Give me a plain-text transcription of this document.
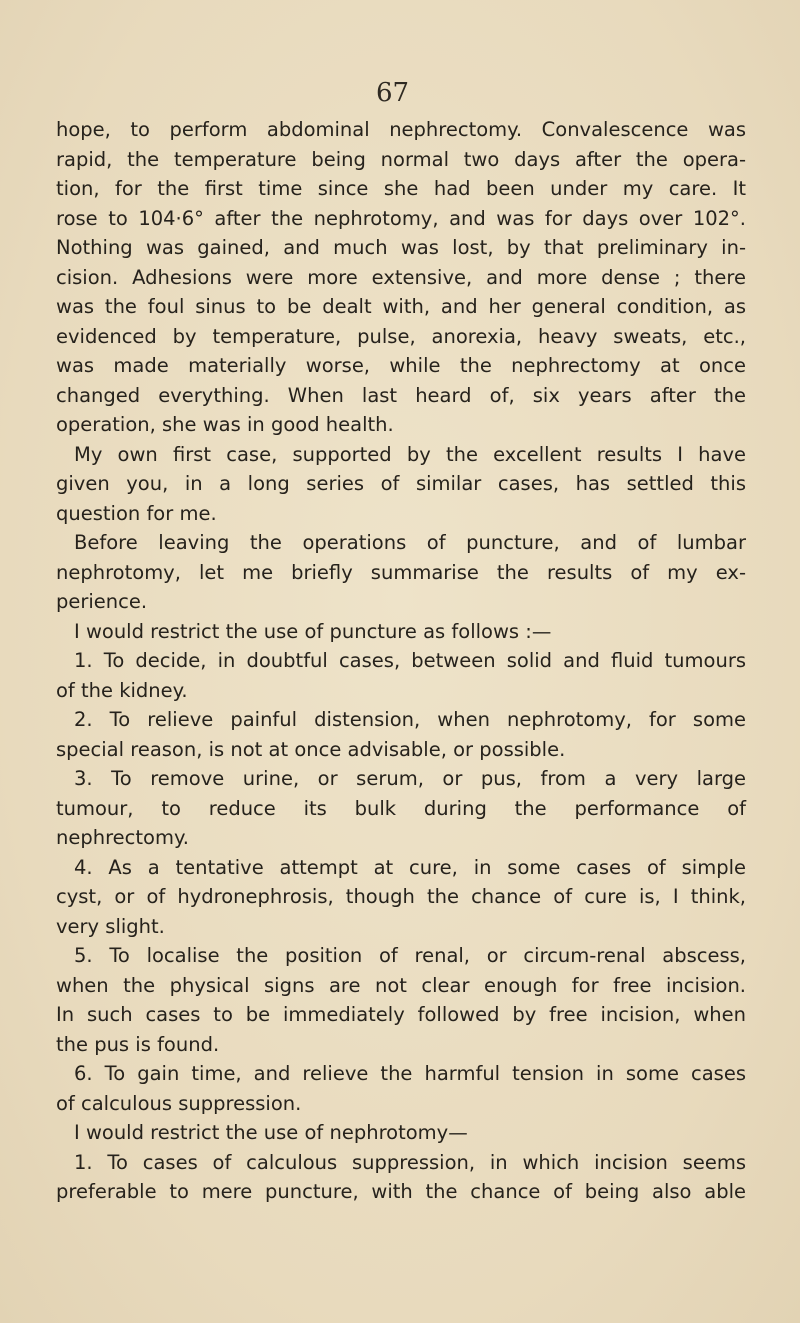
67
hope, to perform abdominal nephrectomy. Convalescence was
rapid, the temperature being normal two days after the opera-
tion, for the first time since she had been under my care. It
rose to 104·6° after the nephrotomy, and was for days over 102°.
Nothing was gained, and much was lost, by that preliminary in-
cision. Adhesions were more extensive, and more dense ; there
was the foul sinus to be dealt with, and her general condition, as
evidenced by temperature, pulse, anorexia, heavy sweats, etc.,
was made materially worse, while the nephrectomy at once
changed everything. When last heard of, six years after the
operation, she was in good health.
My own first case, supported by the excellent results I have
given you, in a long series of similar cases, has settled this
question for me.
Before leaving the operations of puncture, and of lumbar
nephrotomy, let me briefly summarise the results of my ex-
perience.
I would restrict the use of puncture as follows :—
1. To decide, in doubtful cases, between solid and fluid tumours
of the kidney.
2. To relieve painful distension, when nephrotomy, for some
special reason, is not at once advisable, or possible.
3. To remove urine, or serum, or pus, from a very large
tumour, to reduce its bulk during the performance of
nephrectomy.
4. As a tentative attempt at cure, in some cases of simple
cyst, or of hydronephrosis, though the chance of cure is, I think,
very slight.
5. To localise the position of renal, or circum-renal abscess,
when the physical signs are not clear enough for free incision.
In such cases to be immediately followed by free incision, when
the pus is found.
6. To gain time, and relieve the harmful tension in some cases
of calculous suppression.
I would restrict the use of nephrotomy—
1. To cases of calculous suppression, in which incision seems
preferable to mere puncture, with the chance of being also able
